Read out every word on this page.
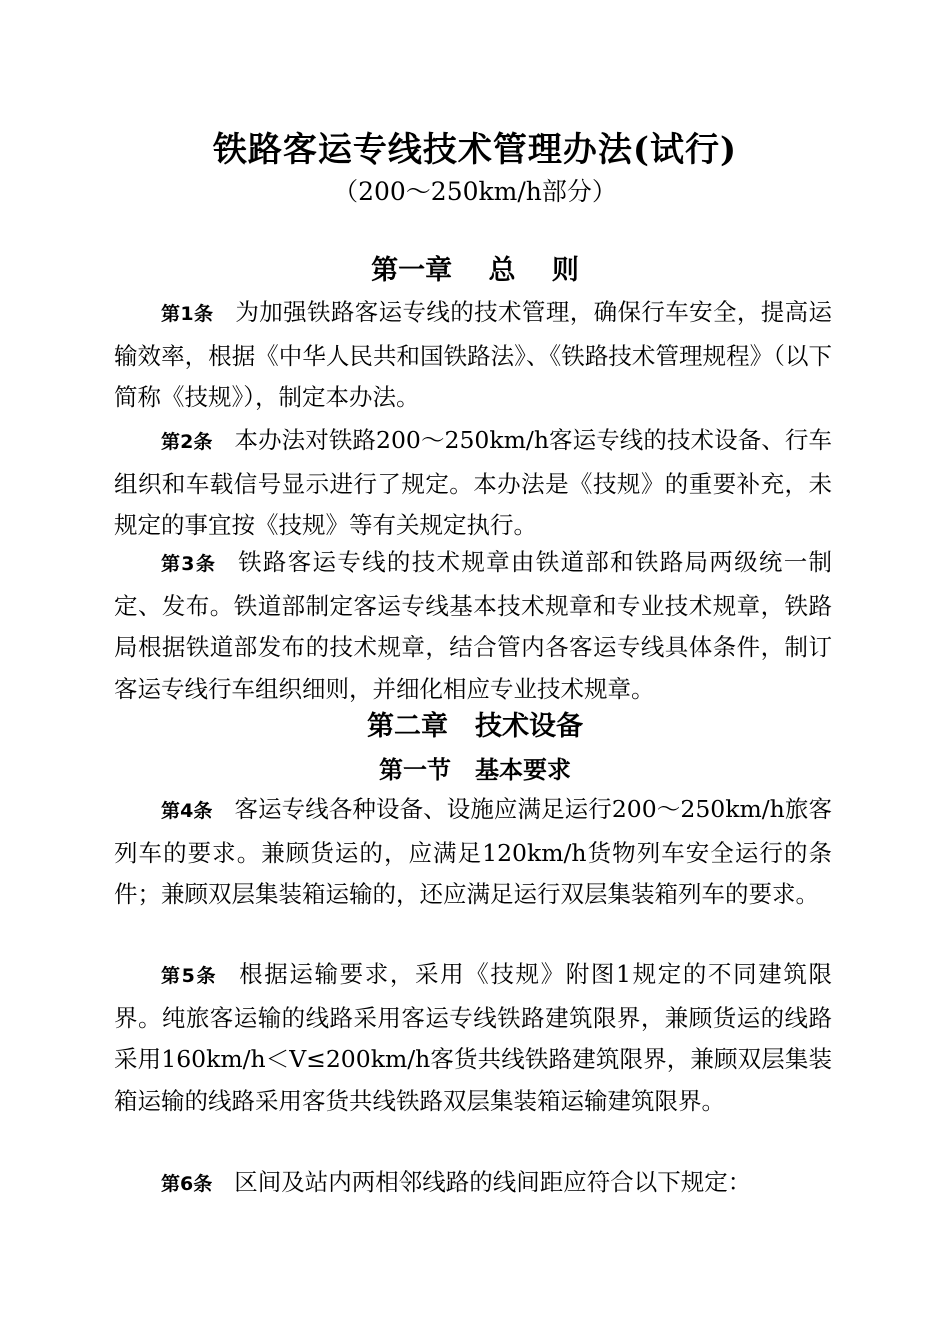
铁路客运专线技术管理办法(试行)
（200～250km/h部分）
第一章　 总　 则

第1条 为加强铁路客运专线的技术管理，确保行车安全，提高运输效率，根据《中华人民共和国铁路法》、《铁路技术管理规程》（以下简称《技规》），制定本办法。

第2条 本办法对铁路200～250km/h客运专线的技术设备、行车组织和车载信号显示进行了规定。本办法是《技规》的重要补充，未规定的事宜按《技规》等有关规定执行。

第3条 铁路客运专线的技术规章由铁道部和铁路局两级统一制定、发布。铁道部制定客运专线基本技术规章和专业技术规章，铁路局根据铁道部发布的技术规章，结合管内各客运专线具体条件，制订客运专线行车组织细则，并细化相应专业技术规章。

第二章　技术设备
第一节　基本要求

第4条 客运专线各种设备、设施应满足运行200～250km/h旅客列车的要求。兼顾货运的，应满足120km/h货物列车安全运行的条件；兼顾双层集装箱运输的，还应满足运行双层集装箱列车的要求。

第5条 根据运输要求，采用《技规》附图1规定的不同建筑限界。纯旅客运输的线路采用客运专线铁路建筑限界，兼顾货运的线路采用160km/h＜V≤200km/h客货共线铁路建筑限界，兼顾双层集装箱运输的线路采用客货共线铁路双层集装箱运输建筑限界。

第6条 区间及站内两相邻线路的线间距应符合以下规定：
